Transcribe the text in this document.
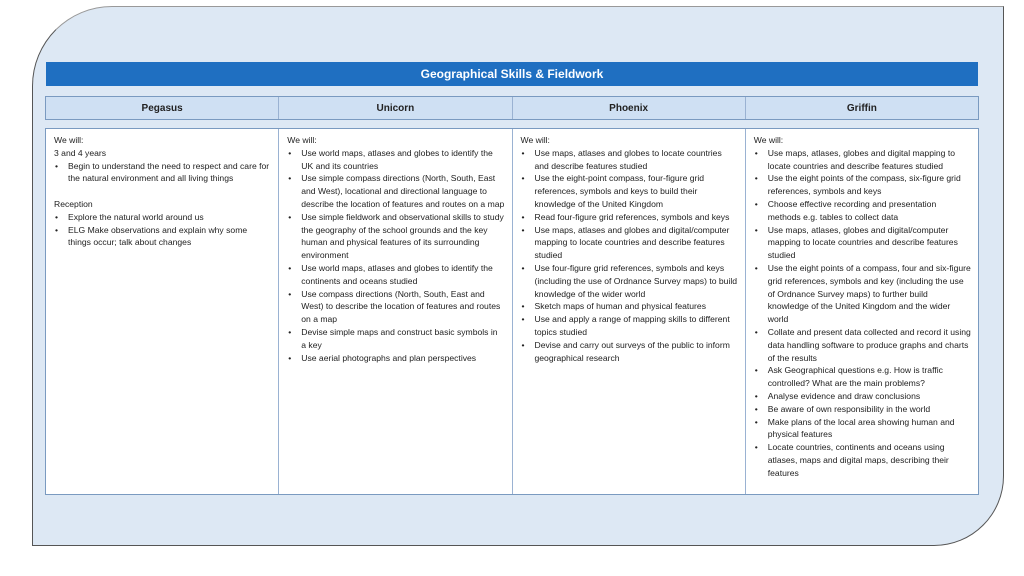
Geographical Skills & Fieldwork
Pegasus	Unicorn	Phoenix	Griffin
We will:
3 and 4 years
• Begin to understand the need to respect and care for the natural environment and all living things
Reception
• Explore the natural world around us
• ELG Make observations and explain why some things occur; talk about changes
We will:
• Use world maps, atlases and globes to identify the UK and its countries
• Use simple compass directions (North, South, East and West), locational and directional language to describe the location of features and routes on a map
• Use simple fieldwork and observational skills to study the geography of the school grounds and the key human and physical features of its surrounding environment
• Use world maps, atlases and globes to identify the continents and oceans studied
• Use compass directions (North, South, East and West) to describe the location of features and routes on a map
• Devise simple maps and construct basic symbols in a key
• Use aerial photographs and plan perspectives
We will:
• Use maps, atlases and globes to locate countries and describe features studied
• Use the eight-point compass, four-figure grid references, symbols and keys to build their knowledge of the United Kingdom
• Read four-figure grid references, symbols and keys
• Use maps, atlases and globes and digital/computer mapping to locate countries and describe features studied
• Use four-figure grid references, symbols and keys (including the use of Ordnance Survey maps) to build knowledge of the wider world
• Sketch maps of human and physical features
• Use and apply a range of mapping skills to different topics studied
• Devise and carry out surveys of the public to inform geographical research
We will:
• Use maps, atlases, globes and digital mapping to locate countries and describe features studied
• Use the eight points of the compass, six-figure grid references, symbols and keys
• Choose effective recording and presentation methods e.g. tables to collect data
• Use maps, atlases, globes and digital/computer mapping to locate countries and describe features studied
• Use the eight points of a compass, four and six-figure grid references, symbols and key (including the use of Ordnance Survey maps) to further build knowledge of the United Kingdom and the wider world
• Collate and present data collected and record it using data handling software to produce graphs and charts of the results
• Ask Geographical questions e.g. How is traffic controlled? What are the main problems?
• Analyse evidence and draw conclusions
• Be aware of own responsibility in the world
• Make plans of the local area showing human and physical features
• Locate countries, continents and oceans using atlases, maps and digital maps, describing their features
